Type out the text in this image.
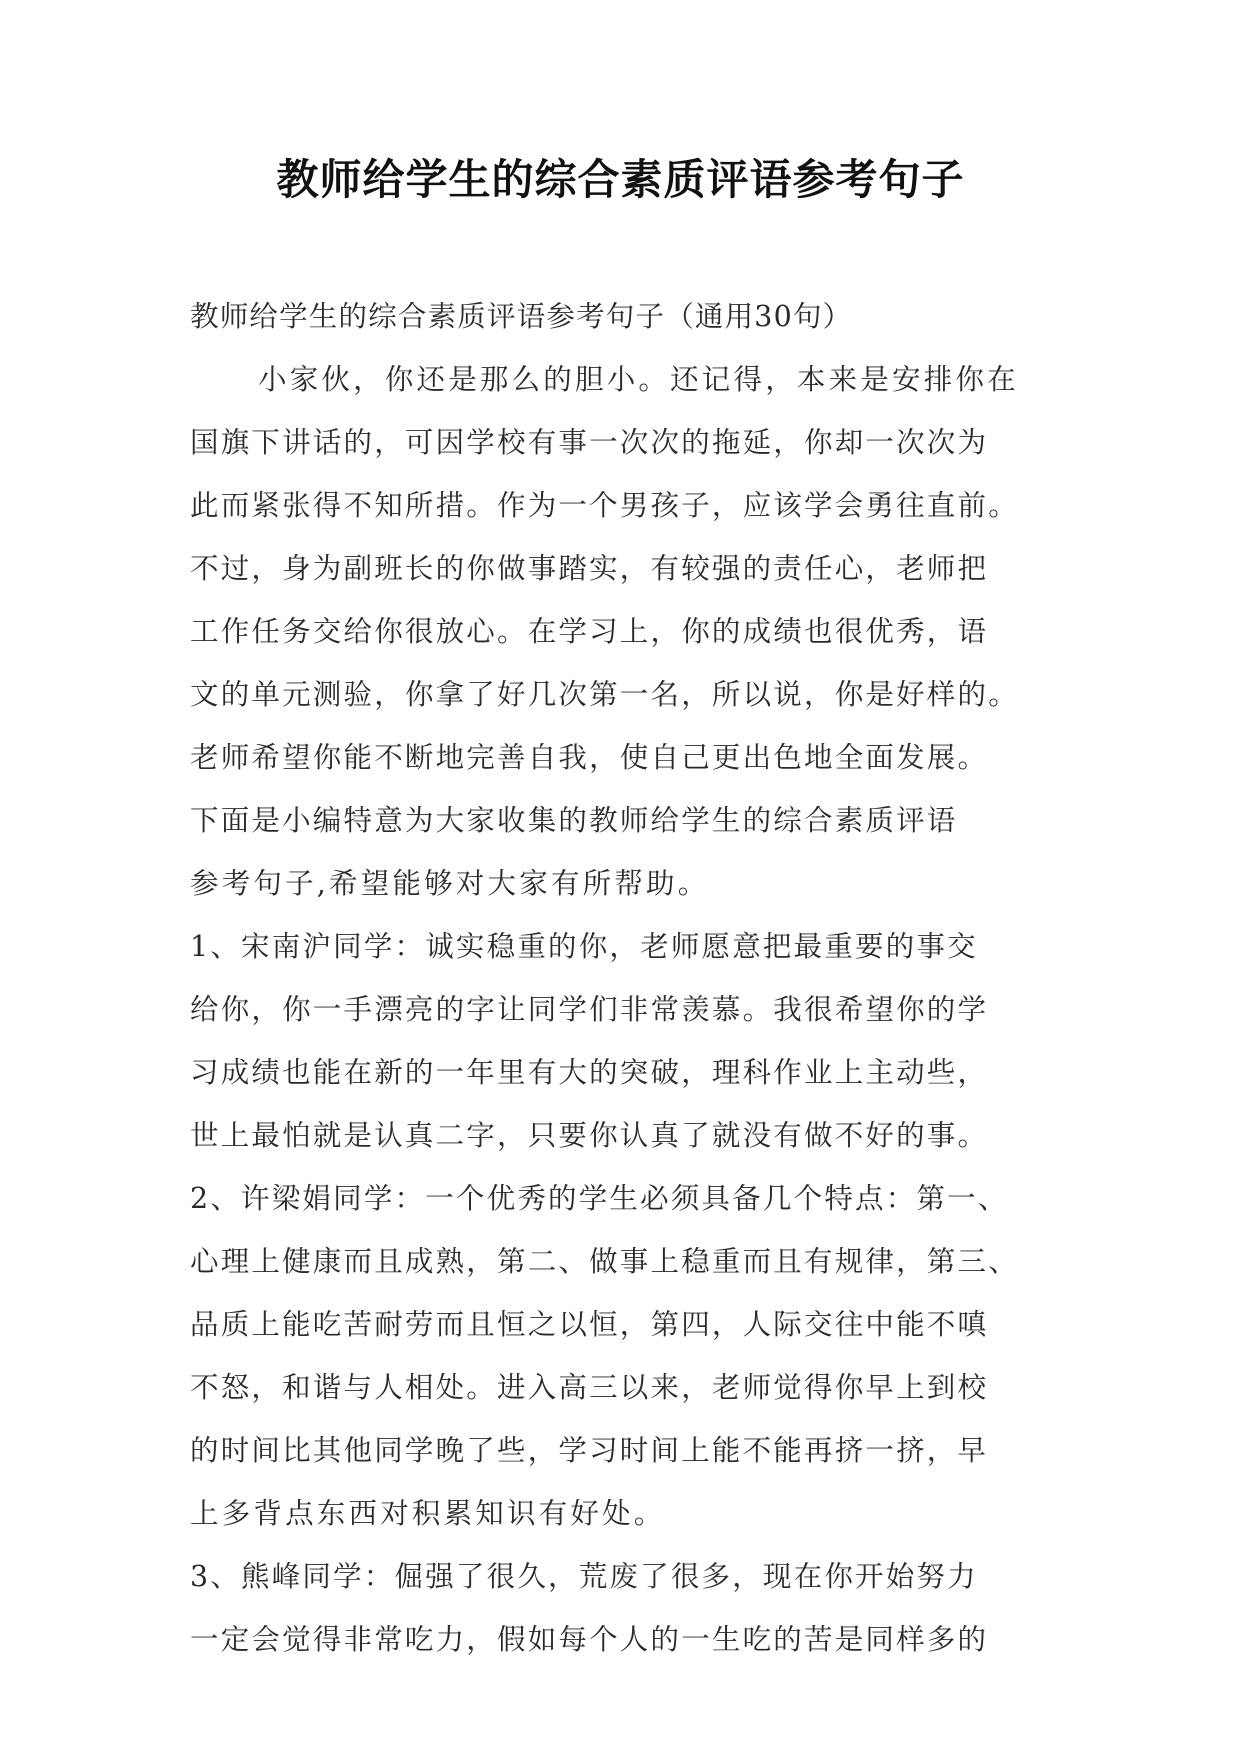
教师给学生的综合素质评语参考句子
教师给学生的综合素质评语参考句子（通用30句）
小家伙，你还是那么的胆小。还记得，本来是安排你在
国旗下讲话的，可因学校有事一次次的拖延，你却一次次为
此而紧张得不知所措。作为一个男孩子，应该学会勇往直前。
不过，身为副班长的你做事踏实，有较强的责任心，老师把
工作任务交给你很放心。在学习上，你的成绩也很优秀，语
文的单元测验，你拿了好几次第一名，所以说，你是好样的。
老师希望你能不断地完善自我，使自己更出色地全面发展。
下面是小编特意为大家收集的教师给学生的综合素质评语
参考句子,希望能够对大家有所帮助。
1、宋南沪同学：诚实稳重的你，老师愿意把最重要的事交
给你，你一手漂亮的字让同学们非常羡慕。我很希望你的学
习成绩也能在新的一年里有大的突破，理科作业上主动些，
世上最怕就是认真二字，只要你认真了就没有做不好的事。
2、许梁娟同学：一个优秀的学生必须具备几个特点：第一、
心理上健康而且成熟，第二、做事上稳重而且有规律，第三、
品质上能吃苦耐劳而且恒之以恒，第四，人际交往中能不嗔
不怒，和谐与人相处。进入高三以来，老师觉得你早上到校
的时间比其他同学晚了些，学习时间上能不能再挤一挤，早
上多背点东西对积累知识有好处。
3、熊峰同学：倔强了很久，荒废了很多，现在你开始努力
一定会觉得非常吃力，假如每个人的一生吃的苦是同样多的
